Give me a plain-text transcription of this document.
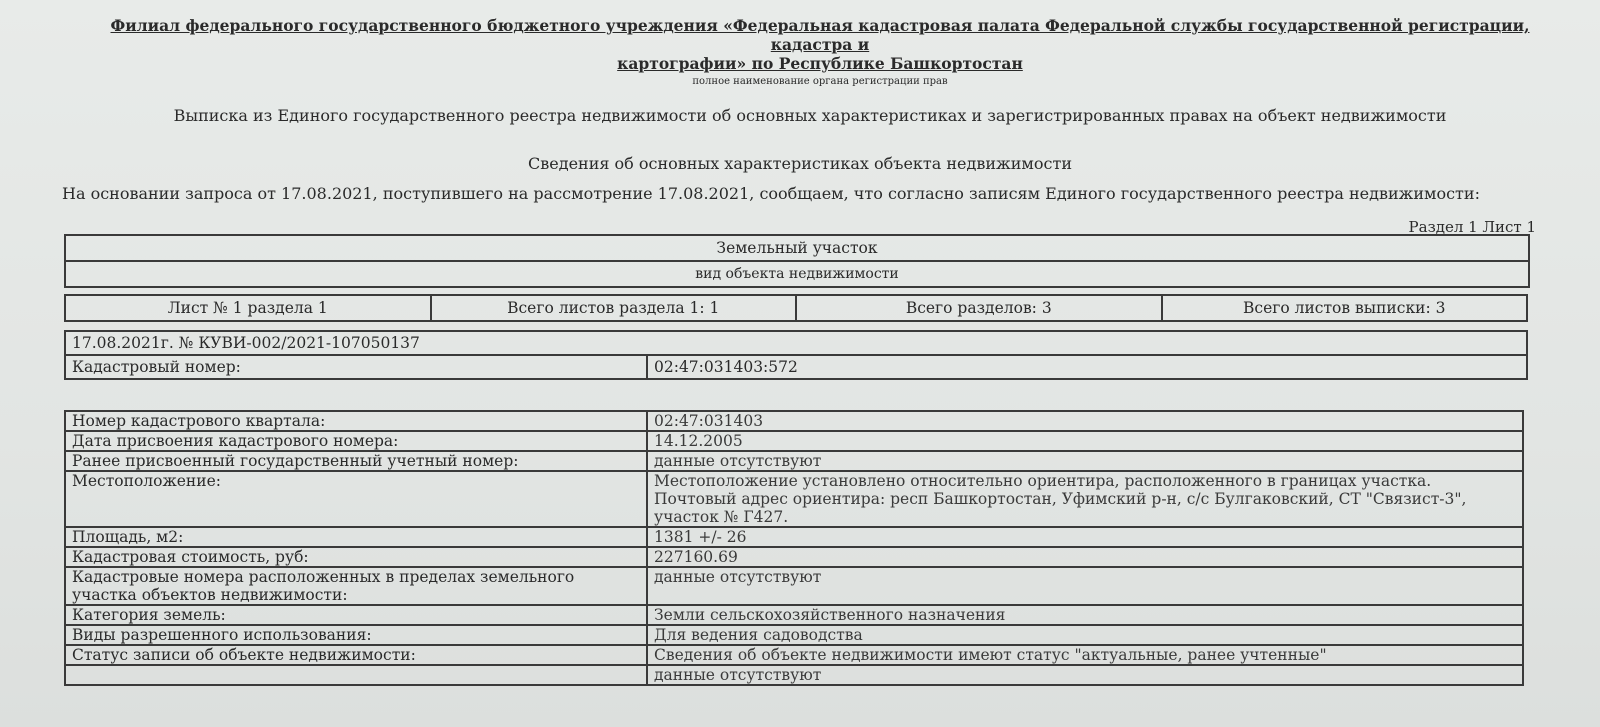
Филиал федерального государственного бюджетного учреждения «Федеральная кадастровая палата Федеральной службы государственной регистрации, кадастра и
картографии» по Республике Башкортостан
полное наименование органа регистрации прав
Выписка из Единого государственного реестра недвижимости об основных характеристиках и зарегистрированных правах на объект недвижимости
Сведения об основных характеристиках объекта недвижимости
На основании запроса от 17.08.2021, поступившего на рассмотрение 17.08.2021, сообщаем, что согласно записям Единого государственного реестра недвижимости:
Раздел 1 Лист 1
Земельный участок
вид объекта недвижимости
Лист № 1 раздела 1	Всего листов раздела 1: 1	Всего разделов: 3	Всего листов выписки: 3
17.08.2021г. № КУВИ-002/2021-107050137
Кадастровый номер:	02:47:031403:572
Номер кадастрового квартала:	02:47:031403
Дата присвоения кадастрового номера:	14.12.2005
Ранее присвоенный государственный учетный номер:	данные отсутствуют
Местоположение:	Местоположение установлено относительно ориентира, расположенного в границах участка. Почтовый адрес ориентира: респ Башкортостан, Уфимский р-н, с/с Булгаковский, СТ "Связист-3", участок № Г427.
Площадь, м2:	1381 +/- 26
Кадастровая стоимость, руб:	227160.69
Кадастровые номера расположенных в пределах земельного участка объектов недвижимости:	данные отсутствуют
Категория земель:	Земли сельскохозяйственного назначения
Виды разрешенного использования:	Для ведения садоводства
Статус записи об объекте недвижимости:	Сведения об объекте недвижимости имеют статус "актуальные, ранее учтенные"
	данные отсутствуют
